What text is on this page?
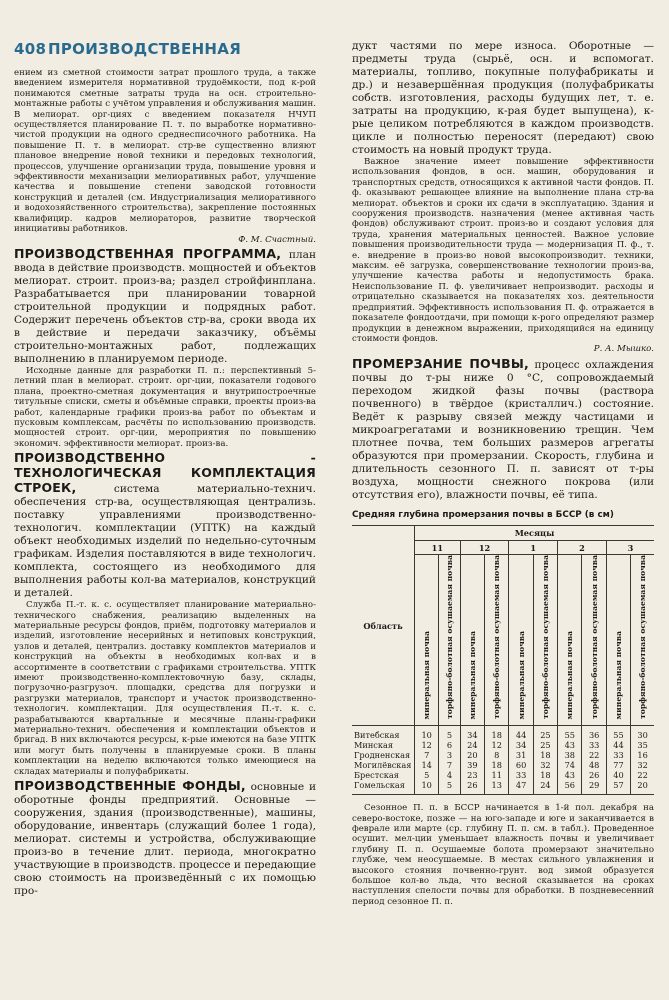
408 ПРОИЗВОДСТВЕННАЯ

ением из сметной стоимости затрат прошлого труда, а также введением измерителя нормативной трудоёмкости, под к-рой понимаются сметные затраты труда на осн. строительно-монтажные работы с учётом управления и обслуживания машин. В мелиорат. орг-циях с введением показателя НЧУП осуществляется планирование П. т. по выработке нормативно-чистой продукции на одного среднесписочного работника. На повышение П. т. в мелиорат. стр-ве существенно влияют плановое внедрение новой техники и передовых технологий, процессов, улучшение организации труда, повышение уровня и эффективности механизации мелиоративных работ, улучшение качества и повышение степени заводской готовности конструкций и деталей (см. Индустриализация мелиоративного и водохозяйственного строительства), закрепление постоянных квалифицир. кадров мелиораторов, развитие творческой инициативы работников.

Ф. М. Счастный.

ПРОИЗВОДСТВЕННАЯ ПРОГРАММА, план ввода в действие производств. мощностей и объектов мелиорат. строит. произ-ва; раздел стройфинплана. Разрабатывается при планировании товарной строительной продукции и подрядных работ. Содержит перечень объектов стр-ва, сроки ввода их в действие и передачи заказчику, объёмы строительно-монтажных работ, подлежащих выполнению в планируемом периоде.

Исходные данные для разработки П. п.: перспективный 5-летний план в мелиорат. строит. орг-ции, показатели годового плана, проектно-сметная документация и внутрипостроечные титульные списки, сметы и объёмные справки, проекты произ-ва работ, календарные графики произ-ва работ по объектам и пусковым комплексам, расчёты по использованию производств. мощностей строит. орг-ции, мероприятия по повышению экономич. эффективности мелиорат. произ-ва.

ПРОИЗВОДСТВЕННО - ТЕХНОЛОГИЧЕСКАЯ КОМПЛЕКТАЦИЯ СТРОЕК,	система материально-технич. обеспечения стр-ва, осуществляющая централизь. поставку управлениями производственно-технологич. комплектации (УПТК) на каждый объект необходимых изделий по недельно-суточным графикам. Изделия поставляются в виде технологич. комплекта, состоящего из необходимого для выполнения работы кол-ва материалов, конструкций и деталей.

Служба П.-т. к. с. осуществляет планирование материально-технического снабжения, реализацию выделенных на материальные ресурсы фондов, приём, подготовку материалов и изделий, изготовление несерийных и нетиповых конструкций, узлов и деталей, централиз. доставку комплектов материалов и конструкций на объекты в необходимых кол-вах и в ассортименте в соответствии с графиками строительства. УПТК имеют производственно-комплектовочную базу, склады, погрузочно-разгрузоч. площадки, средства для погрузки и разгрузки материалов, транспорт и участок производственно-технологич. комплектации. Для осуществления П.-т. к. с. разрабатываются квартальные и месячные планы-графики материально-технич. обеспечения и комплектации объектов и бригад. В них включаются ресурсы, к-рые имеются на базе УПТК или могут быть получены в планируемые сроки. В планы комплектации на неделю включаются только имеющиеся на складах материалы и полуфабрикаты.

ПРОИЗВОДСТВЕННЫЕ ФОНДЫ, основные и оборотные фонды предприятий. Основные — сооружения, здания (производственные), машины, оборудование, инвентарь (служащий более 1 года), мелиорат. системы и устройства, обслуживающие произ-во в течение длит. периода, многократно участвующие в производств. процессе и передающие свою стоимость на произведённый с их помощью про-

дукт частями по мере износа. Оборотные — предметы труда (сырьё, осн. и вспомогат. материалы, топливо, покупные полуфабрикаты и др.) и незавершённая продукция (полуфабрикаты собств. изготовления, расходы будущих лет, т. е. затраты на продукцию, к-рая будет выпущена), к-рые целиком потребляются в каждом производств. цикле и полностью переносят (передают) свою стоимость на новый продукт труда.

Важное значение имеет повышение эффективности использования фондов, в осн. машин, оборудования и транспортных средств, относящихся к активной части фондов. П. ф. оказывают решающее влияние на выполнение плана стр-ва мелиорат. объектов и сроки их сдачи в эксплуатацию. Здания и сооружения производств. назначения (менее активная часть фондов) обслуживают строит. произ-во и создают условия для труда, хранения материальных ценностей. Важное условие повышения производительности труда — модернизация П. ф., т. е. внедрение в произ-во новой высокопроизводит. техники, максим. её загрузка, совершенствование технологии произ-ва, улучшение качества работы и недопустимость брака. Неиспользование П. ф. увеличивает непроизводит. расходы и отрицательно сказывается на показателях хоз. деятельности предприятий. Эффективность использования П. ф. отражается в показателе фондоотдачи, при помощи к-рого определяют размер продукции в денежном выражении, приходящийся на единицу стоимости фондов.

Р. А. Мышко.

ПРОМЕРЗАНИЕ ПОЧВЫ, процесс охлаждения почвы до т-ры ниже 0 °С, сопровождаемый переходом жидкой фазы почвы (раствора почвенного) в твёрдое (кристаллич.) состояние. Ведёт к разрыву связей между частицами и микроагрегатами и возникновению трещин. Чем плотнее почва, тем больших размеров агрегаты образуются при промерзании. Скорость, глубина и длительность сезонного П. п. зависят от т-ры воздуха, мощности снежного покрова (или отсутствия его), влажности почвы, её типа.

Средняя глубина промерзания почвы в БССР (в см)
Область	Месяцы									
	11		12		1		2		3	
	минеральная почва	торфяно-болотная осушаемая почва	минеральная почва	торфяно-болотная осушаемая почва	минеральная почва	торфяно-болотная осушаемая почва	минеральная почва	торфяно-болотная осушаемая почва	минеральная почва	торфяно-болотная осушаемая почва
Витебская	10	5	34	18	44	25	55	36	55	30
Минская	12	6	24	12	34	25	43	33	44	35
Гродненская	7	3	20	8	31	18	38	22	33	16
Могилёвская	14	7	39	18	60	32	74	48	77	32
Брестская	5	4	23	11	33	18	43	26	40	22
Гомельская	10	5	26	13	47	24	56	29	57	20

Сезонное П. п. в БССР начинается в 1-й пол. декабря на северо-востоке, позже — на юго-западе и юге и заканчивается в феврале или марте (ср. глубину П. п. см. в табл.). Проведенное осушит. мел-ции уменьшает влажность почвы и увеличивает глубину П. п. Осушаемые болота промерзают значительно глубже, чем неосушаемые. В местах сильного увлажнения и высокого стояния почвенно-грунт. вод зимой образуется большое кол-во льда, что весной сказывается на сроках наступления спелости почвы для обработки. В поздневесенний период сезонное П. п.
